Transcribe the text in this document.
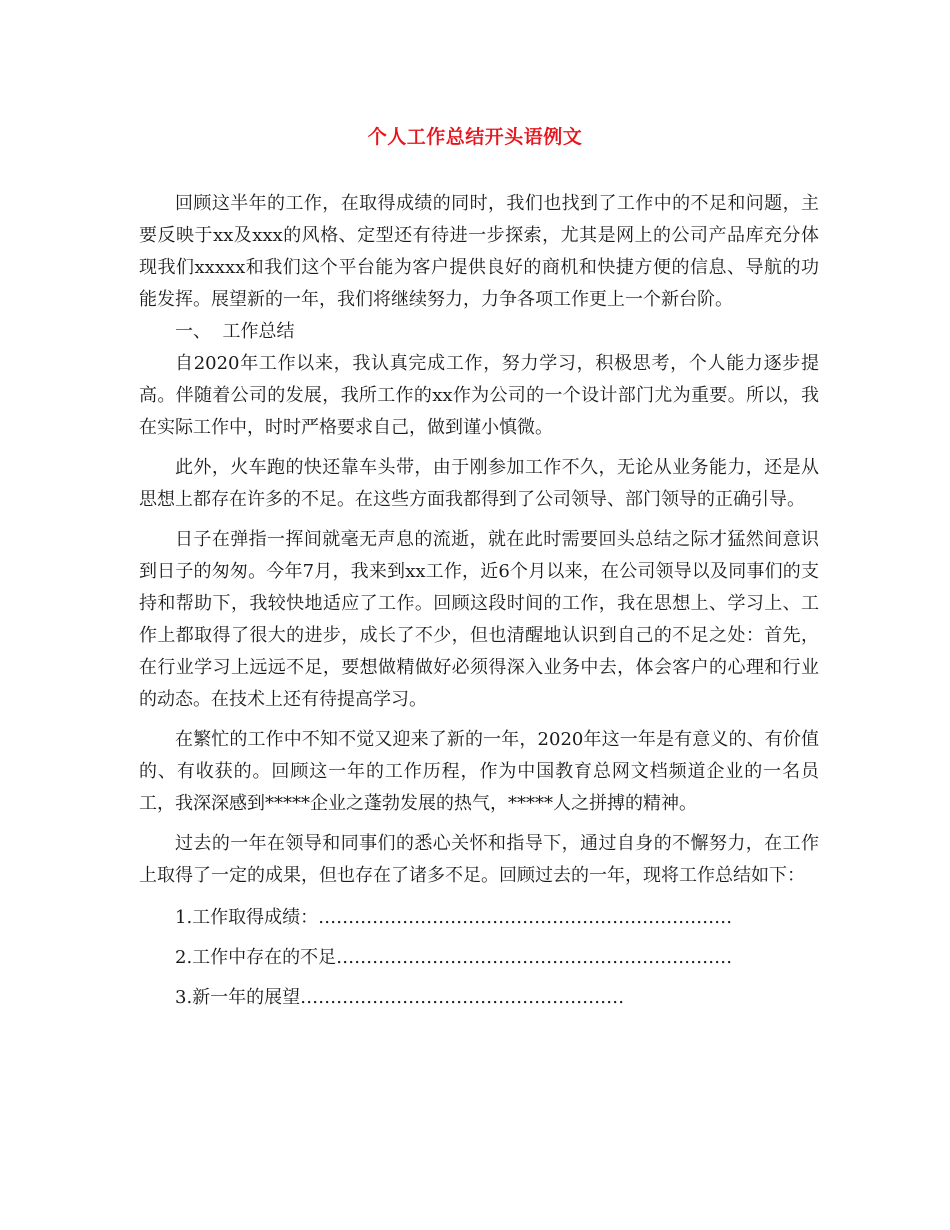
个人工作总结开头语例文

回顾这半年的工作，在取得成绩的同时，我们也找到了工作中的不足和问题，主要反映于xx及xxx的风格、定型还有待进一步探索，尤其是网上的公司产品库充分体现我们xxxxx和我们这个平台能为客户提供良好的商机和快捷方便的信息、导航的功能发挥。展望新的一年，我们将继续努力，力争各项工作更上一个新台阶。

一、  工作总结

自2020年工作以来，我认真完成工作，努力学习，积极思考，个人能力逐步提高。伴随着公司的发展，我所工作的xx作为公司的一个设计部门尤为重要。所以，我在实际工作中，时时严格要求自己，做到谨小慎微。

此外，火车跑的快还靠车头带，由于刚参加工作不久，无论从业务能力，还是从思想上都存在许多的不足。在这些方面我都得到了公司领导、部门领导的正确引导。

日子在弹指一挥间就毫无声息的流逝，就在此时需要回头总结之际才猛然间意识到日子的匆匆。今年7月，我来到xx工作，近6个月以来，在公司领导以及同事们的支持和帮助下，我较快地适应了工作。回顾这段时间的工作，我在思想上、学习上、工作上都取得了很大的进步，成长了不少，但也清醒地认识到自己的不足之处：首先，在行业学习上远远不足，要想做精做好必须得深入业务中去，体会客户的心理和行业的动态。在技术上还有待提高学习。

在繁忙的工作中不知不觉又迎来了新的一年，2020年这一年是有意义的、有价值的、有收获的。回顾这一年的工作历程，作为中国教育总网文档频道企业的一名员工，我深深感到*****企业之蓬勃发展的热气，*****人之拼搏的精神。

过去的一年在领导和同事们的悉心关怀和指导下，通过自身的不懈努力，在工作上取得了一定的成果，但也存在了诸多不足。回顾过去的一年，现将工作总结如下：

1.工作取得成绩：……………………………………………………………

2.工作中存在的不足…………………………………………………………

3.新一年的展望………………………………………………
